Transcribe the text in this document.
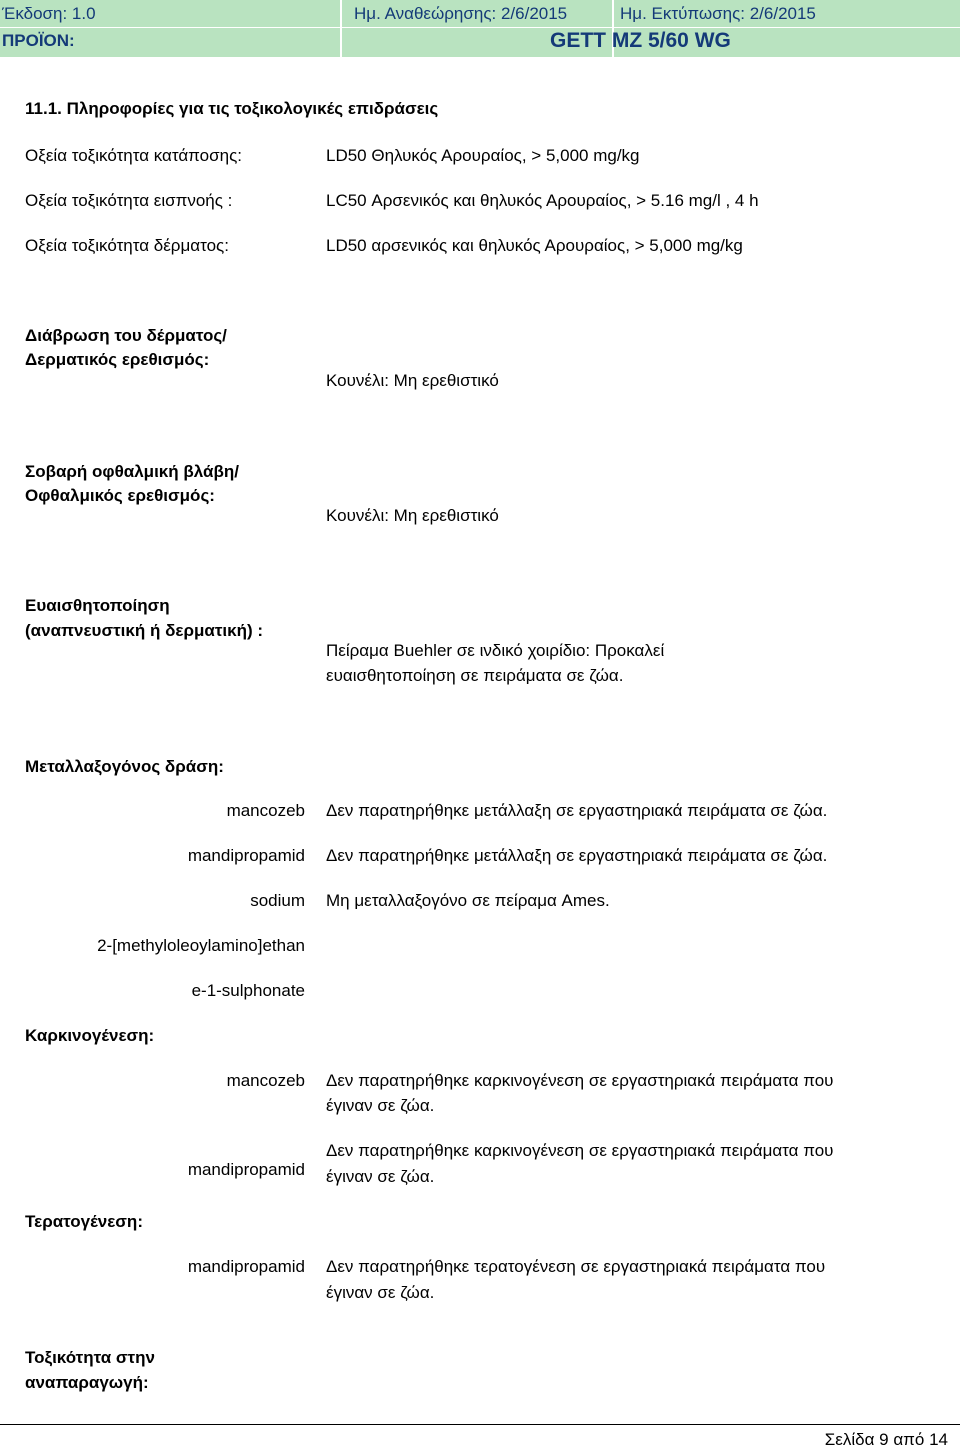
Έκδοση: 1.0	Ημ. Αναθεώρησης: 2/6/2015	Ημ. Εκτύπωσης: 2/6/2015
ΠΡΟΪΟΝ:	GETT MZ 5/60 WG
11.1. Πληροφορίες για τις τοξικολογικές επιδράσεις
Οξεία τοξικότητα κατάποσης:	LD50 Θηλυκός Αρουραίος, > 5,000 mg/kg
Οξεία τοξικότητα εισπνοής :	LC50 Αρσενικός και θηλυκός Αρουραίος, > 5.16 mg/l , 4 h
Οξεία τοξικότητα δέρματος:	LD50 αρσενικός και θηλυκός Αρουραίος, > 5,000 mg/kg
Διάβρωση του δέρματος/
Δερματικός ερεθισμός:
Κουνέλι: Μη ερεθιστικό
Σοβαρή οφθαλμική βλάβη/
Οφθαλμικός ερεθισμός:
Κουνέλι: Μη ερεθιστικό
Ευαισθητοποίηση
(αναπνευστική ή δερματική) :
Πείραμα Buehler σε ινδικό χοιρίδιο: Προκαλεί
ευαισθητοποίηση σε πειράματα σε ζώα.
Μεταλλαξογόνος δράση:
mancozeb Δεν παρατηρήθηκε μετάλλαξη σε εργαστηριακά πειράματα σε ζώα.
mandipropamid Δεν παρατηρήθηκε μετάλλαξη σε εργαστηριακά πειράματα σε ζώα.
sodium Μη μεταλλαξογόνο σε πείραμα Ames.
2-[methyloleoylamino]ethan
e-1-sulphonate
Καρκινογένεση:
mancozeb Δεν παρατηρήθηκε καρκινογένεση σε εργαστηριακά πειράματα που
έγιναν σε ζώα.
mandipropamid
Δεν παρατηρήθηκε καρκινογένεση σε εργαστηριακά πειράματα που
έγιναν σε ζώα.
Τερατογένεση:
mandipropamid Δεν παρατηρήθηκε τερατογένεση σε εργαστηριακά πειράματα που
έγιναν σε ζώα.
Τοξικότητα στην
αναπαραγωγή:
Σελίδα 9 από 14
